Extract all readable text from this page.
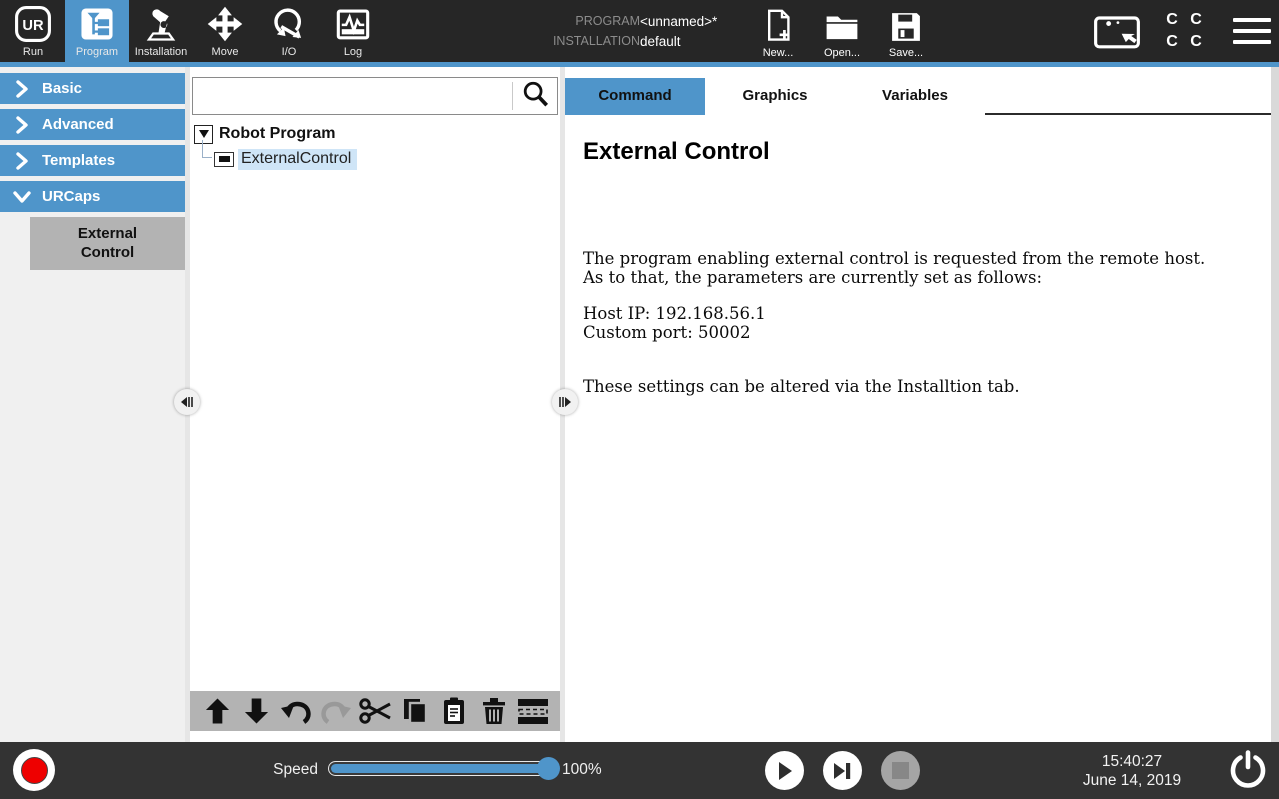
UR
Run	Program Installation Move	I/O	Log
PROGRAM
INSTALLATION
<unnamed>*
default
New...	Open...	Save...
C C
C C
Basic
Advanced
Templates
URCaps
External
Control
Robot Program
ExternalControl
Command	Graphics	Variables
External Control
The program enabling external control is requested from the remote host.
As to that, the parameters are currently set as follows:
Host IP: 192.168.56.1
Custom port: 50002
These settings can be altered via the Installtion tab.
Speed	100%	15:40:27
June 14, 2019
